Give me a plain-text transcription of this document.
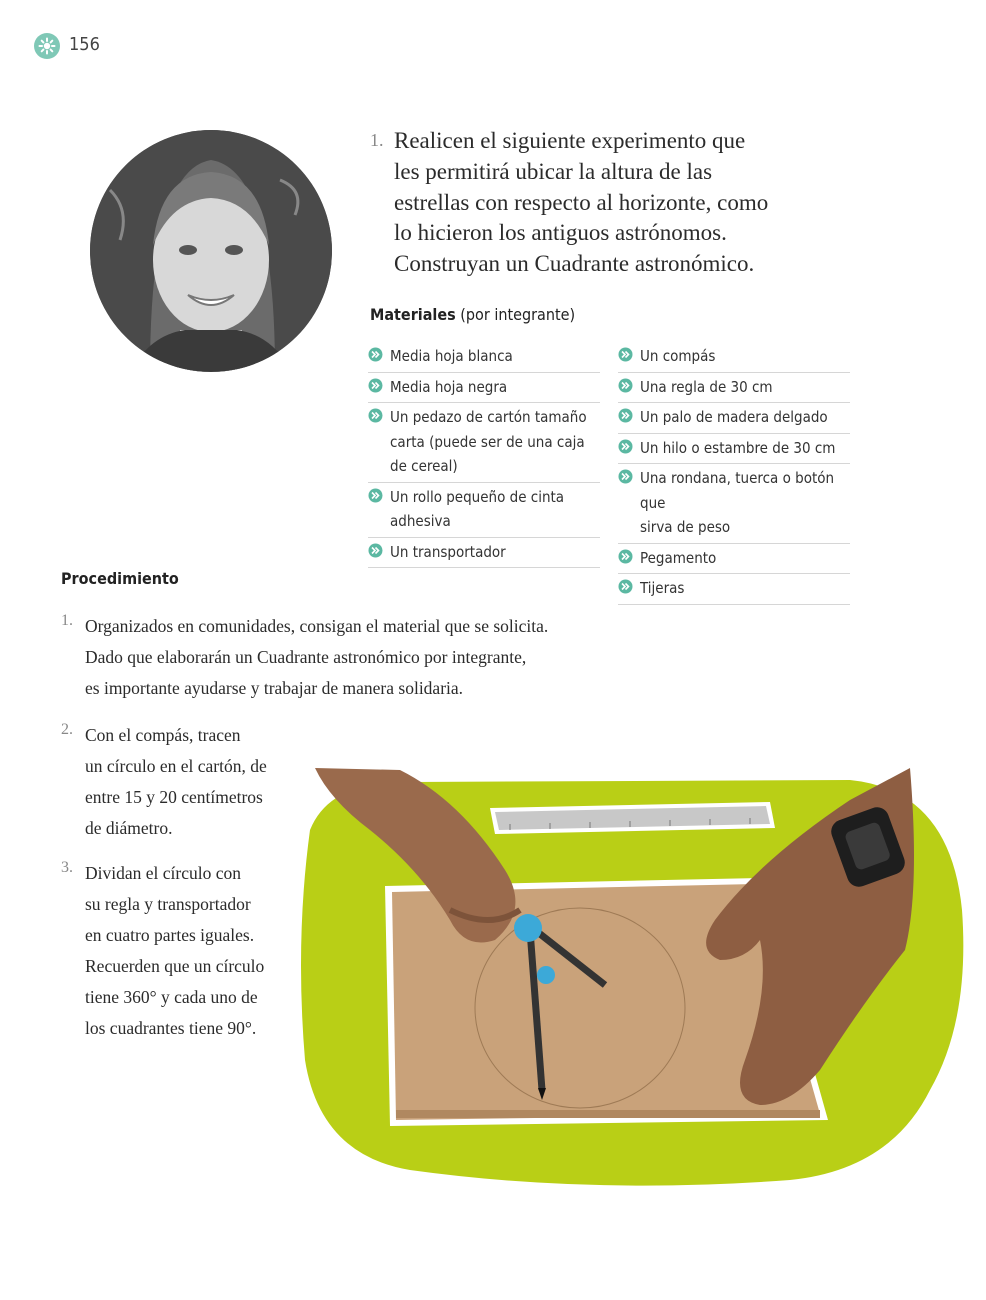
156
1. Realicen el siguiente experimento que
les permitirá ubicar la altura de las
estrellas con respecto al horizonte, como
lo hicieron los antiguos astrónomos.
Construyan un Cuadrante astronómico.
Materiales (por integrante)
Media hoja blanca
Media hoja negra
Un pedazo de cartón tamaño
carta (puede ser de una caja
de cereal)
Un rollo pequeño de cinta
adhesiva
Un transportador
Un compás
Una regla de 30 cm
Un palo de madera delgado
Un hilo o estambre de 30 cm
Una rondana, tuerca o botón que
sirva de peso
Pegamento
Tijeras
Procedimiento
1. Organizados en comunidades, consigan el material que se solicita.
Dado que elaborarán un Cuadrante astronómico por integrante,
es importante ayudarse y trabajar de manera solidaria.
2. Con el compás, tracen
un círculo en el cartón, de
entre 15 y 20 centímetros
de diámetro.
3. Dividan el círculo con
su regla y transportador
en cuatro partes iguales.
Recuerden que un círculo
tiene 360° y cada uno de
los cuadrantes tiene 90°.
